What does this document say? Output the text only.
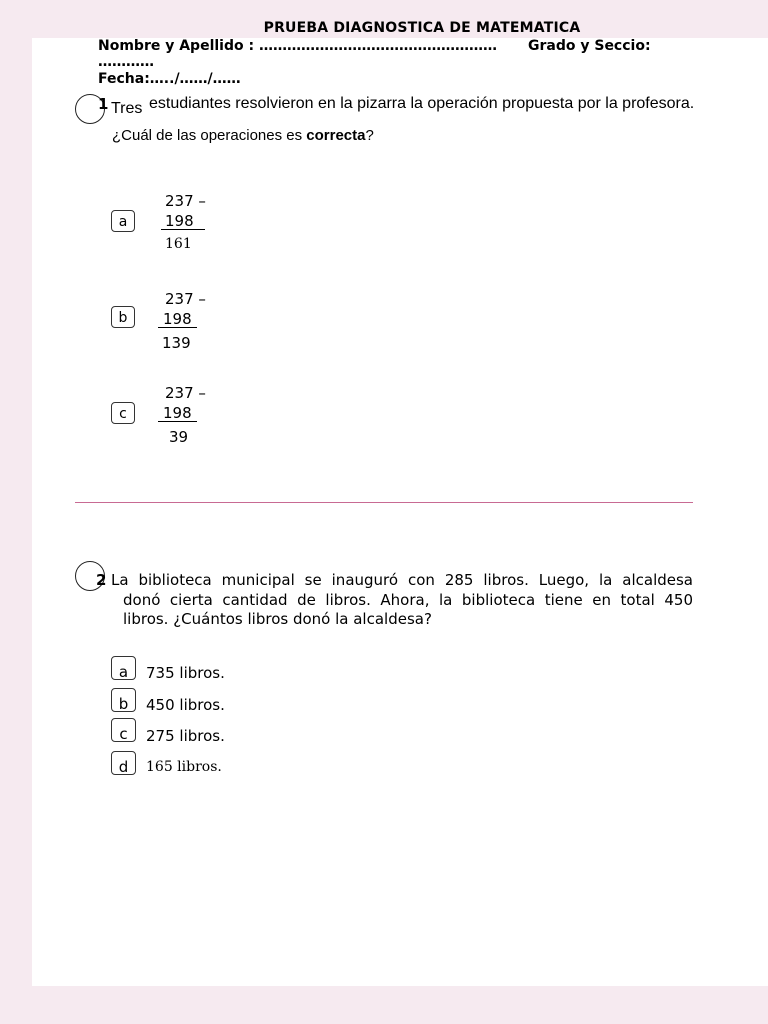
PRUEBA DIAGNOSTICA DE MATEMATICA
Nombre y Apellido : …………………………………………… Grado y Seccio:
…………
Fecha:…../……/……
1 Tres estudiantes resolvieron en la pizarra la operación propuesta por la profesora.
¿Cuál de las operaciones es correcta?
a
237 –
198
161
b
237 –
198
139
c
237 –
198
39
2 La biblioteca municipal se inauguró con 285 libros. Luego, la alcaldesa
donó cierta cantidad de libros. Ahora, la biblioteca tiene en total 450
libros. ¿Cuántos libros donó la alcaldesa?
a	735 libros.
b	450 libros.
c	275 libros.
d	165 libros.
